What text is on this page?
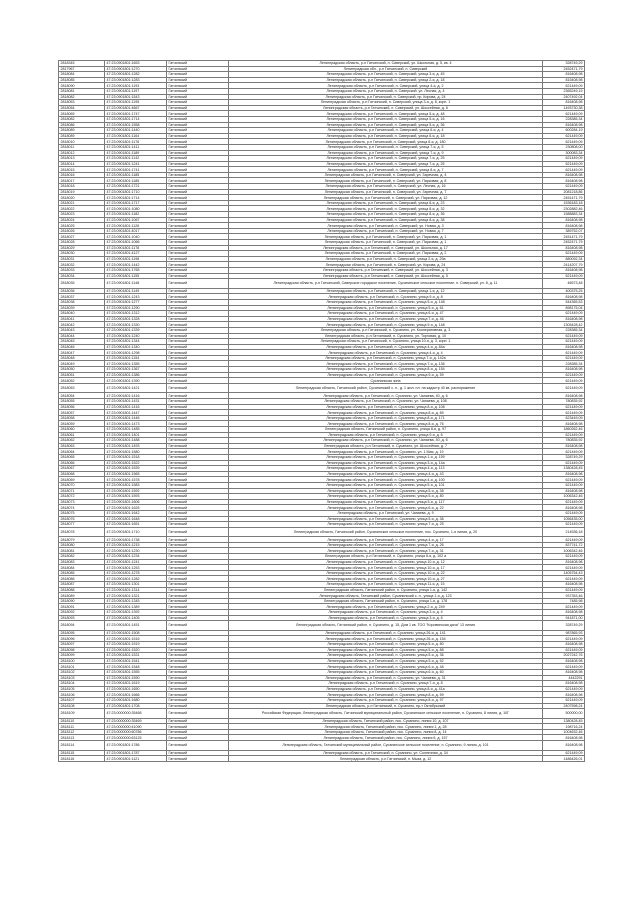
2818345	47:23:0901801:1653	Гатчинский	Ленинградская область, р-н Гатчинский, п. Сиверский, ул. Школьная, д. 5, кв. 4	328749,29
2817967	47:23:0901801:1270	Гатчинский	Ленинградская обл., р-н Гатчинский, п. Сиверский	2452471,79
2818084	47:23:0901801:1282	Гатчинский	Ленинградская область, р-н Гатчинский, п. Сиверский, улица 3-я, д. 45	816408,98
2818085	47:23:0901801:1283	Гатчинский	Ленинградская область, р-н Гатчинский, п. Сиверский, улица 2-я, д. 18	815408,98
2818090	47:23:0901801:1193	Гатчинский	Ленинградская область, р-н Гатчинский, п. Сиверский, улица 4-я, д. 2	621449,09
2818081	47:23:0901801:1197	Гатчинский	Ленинградская область, р-н Гатчинский, п. Сиверский, ул. Лесная, д. 4	2365249,19
2818082	47:23:0901801:1543	Гатчинский	Ленинградская область, р-н Гатчинский, п. Сиверский, пр. Кирова, д. 24	2407492,04
2818053	47:23:0901801:1195	Гатчинский	Ленинградская область, р-н Гатчинский, п. Сиверский, улица 3-я, д. 8, корп. 1	816408,98
2818054	47:23:0901801:4667	Гатчинский	Ленинградская область, р-н Гатчинский, п. Сиверский, ул. Шоссейная, д. 6	1493730,38
2818065	47:23:0901801:1747	Гатчинский	Ленинградская область, р-н Гатчинский, п. Сиверский, улица 5-я, д. 48	621449,09
2818082	47:23:0901801:1714	Гатчинский	Ленинградская область, р-н Гатчинский, п. Сиверский, улица 5-я, д. 16	228385,34
2818086	47:23:0901801:1558	Гатчинский	Ленинградская область, р-н Гатчинский, п. Сиверский, улица 5-я, д. 36	816408,98
2818089	47:23:0901801:1440	Гатчинский	Ленинградская область, р-н Гатчинский, п. Сиверский, улица 6-я, д. 4	600284,19
2818089	47:23:0901801:1164	Гатчинский	Ленинградская область, р-н Гатчинский, п. Сиверский, улица 6-я, д. 18	621449,09
2818010	47:23:0901801:1176	Гатчинский	Ленинградская область, р-н Гатчинский, п. Сиверский, улица 6-я, д. 180	621449,09
2818011	47:23:0901801:1411	Гатчинский	Ленинградская область, р-н Гатчинский, п. Сиверский, улица 7-я, д. 5	230808,00
2818012	47:23:0901801:1189	Гатчинский	Ленинградская область, р-н Гатчинский, п. Сиверский, улица 7-я, д. 9	300083,34
2818013	47:23:0901801:1142	Гатчинский	Ленинградская область, р-н Гатчинский, п. Сиверский, улица 7-я, д. 25	621449,09
2818014	47:23:0901801:1241	Гатчинский	Ленинградская область, р-н Гатчинский, п. Сиверский, улица 7-я, д. 25	621449,09
2818015	47:23:0901801:1741	Гатчинский	Ленинградская область, р-н Гатчинский, п. Сиверский, улица 8-я, д. 7	621449,09
2818016	47:23:0901801:1185	Гатчинский	Ленинградская область, р-н Гатчинский, п. Сиверский, ул. Заречная, д. 4	816408,98
2818017	47:23:0901801:1185	Гатчинский	Ленинградская область, р-н Гатчинский, п. Сиверский, ул. Парковая, д. 8	816408,98
2818018	47:23:0901801:1721	Гатчинский	Ленинградская область, р-н Гатчинский, п. Сиверский, ул. Лесная, д. 16	621449,09
2818019	47:23:0901801:1710	Гатчинский	Ленинградская область, р-н Гатчинский, п. Сиверский, ул. Заречная, д. 7	2081218,86
2818020	47:23:0901801:1714	Гатчинский	Ленинградская область, р-н Гатчинский, п. Сиверский, ул. Парковая, д. 12	2451471,79
2818021	47:23:0901801:1717	Гатчинский	Ленинградская область, р-н Гатчинский, п. Сиверский, улица 8-я, д. 23	1536183,18
2818022	47:23:0901801:1080	Гатчинский	Ленинградская область, р-н Гатчинский, п. Сиверский, улица 8-я, д. 32	2302882,46
2818023	47:23:0901801:1182	Гатчинский	Ленинградская область, р-н Гатчинский, п. Сиверский, улица 8-я, д. 36	1588883,34
2818024	47:23:0901801:1067	Гатчинский	Ленинградская область, р-н Гатчинский, п. Сиверский, улица 8-я, д. 38	816408,98
2818025	47:23:0901801:1126	Гатчинский	Ленинградская область, р-н Гатчинский, п. Сиверский, ул. Новая, д. 3	816408,98
2818026	47:23:0901801:4017	Гатчинский	Ленинградская область, р-н Гатчинский, п. Сиверский, ул. Новая, д. 7	389752,07
2818027	47:23:0901801:1040	Гатчинский	Ленинградская область, р-н Гатчинский, п. Сиверский, ул. Парковая, д. 1	2451471,79
2818028	47:23:0901801:1066	Гатчинский	Ленинградская область, р-н Гатчинский, п. Сиверский, ул. Парковая, д. 1	2452471,79
2818029	47:23:0901801:1178	Гатчинский	Ленинградская область, р-н Гатчинский, п. Сиверский, ул. Школьная, д. 17	816408,98
2818030	47:23:0901801:4127	Гатчинский	Ленинградская область, р-н Гатчинский, п. Сиверский, ул. Парковая, д. 2	621449,09
2818031	47:23:0901801:1198	Гатчинский	Ленинградская область, р-н Гатчинский, п. Сиверский, улица 2-я, д. 29а	880092,34
2818032	47:23:0901801:1442	Гатчинский	Ленинградская область, р-н Гатчинский, п. Сиверский, ул. Кирова, д. 24	2414207,79
2818033	47:23:0901801:1765	Гатчинский	Ленинградская область, р-н Гатчинский, п. Сиверский, ул. Шоссейная, д. 3	816408,98
2818034	47:23:0901801:1155	Гатчинский	Ленинградская область, р-н Гатчинский, п. Сиверский, ул. Шоссейная, д. 5	621449,09
2818035	47:23:0901801:1148	Гатчинский	Ленинградская область, р-н Гатчинский, Сиверское городское поселение, Сусанинское сельское поселение, п. Сиверский, ул. 8, д. 11	46573,48
2818036	47:23:0901801:1149	Гатчинский	Ленинградская область, р-н Гатчинский, п. Сиверский, улица 1-я, д. 12	400375,25
2818037	47:23:0901801:1243	Гатчинский	Ленинградская область, р-н Гатчинский, п. Сусанино, улица 9-я, д. 8	816408,98
2818038	47:23:0901801:1277	Гатчинский	Ленинградская область, р-н Гатчинский, п. Сусанино, улица 5-я, д. 148	544365,53
2818039	47:23:0901801:1290	Гатчинский	Ленинградская область, р-н Гатчинский, п. Сусанино, улица 5-я, д. 61	898175,04
2818040	47:23:0901801:1312	Гатчинский	Ленинградская область, р-н Гатчинский, п. Сусанино, улица 6-я, д. 47	621449,09
2818041	47:23:0901801:1328	Гатчинский	Ленинградская область, р-н Гатчинский, п. Сусанино, улица 7-я, д. 46	816408,98
2818042	47:23:0901801:1330	Гатчинский	Ленинградская область, р-н Гатчинский, п. Сусанино, улица 9-я, д. 148	1305428,42
2818043	47:23:0901801:1339	Гатчинский	Ленинградская область, р-н Гатчинский, п. Сусанино, ул. Кооперативная, д. 3	228385,34
2818044	47:23:0901801:1240	Гатчинский	Ленинградская область, р-н Гатчинский, п. Сусанино, ул. Торговая, д. 10	621449,09
2818045	47:23:0901801:1344	Гатчинский	Ленинградская область, р-н Гатчинский, п. Сусанино, улица 10-я, д. 3, корп. 1	621449,09
2818046	47:23:0901801:1340	Гатчинский	Ленинградская область, р-н Гатчинский, п. Сусанино, улица 4-я, д. 84а	816408,98
2818047	47:23:0901801:1298	Гатчинский	Ленинградская область, р-н Гатчинский, п. Сусанино, улица 4-я, д. 4	621449,09
2818048	47:23:0901801:1154	Гатчинский	Ленинградская область, р-н Гатчинский, п. Сусанино, улица 7-я, д. 142а	621449,09
2818049	47:23:0901801:1355	Гатчинский	Ленинградская область, р-н Гатчинский, п. Сусанино, улица 7-я, д. 136	228385,34
2818050	47:23:0901801:1367	Гатчинский	Ленинградская область, р-н Гатчинский, п. Сусанино, улица 8-я, д. 154	816408,98
2818051	47:23:0901801:1386	Гатчинский	Ленинградская область, р-н Гатчинский, п. Сусанино, улица 9-я, д. 59	621449,09
2818052	47:23:0901801:1390	Гатчинский	Сусанинская зона	621449,09
2818053	47:23:0901801:1421	Гатчинский	Ленинградская область, Гатчинский район, Сусанинский с. п., д. 1 жил. пл. на кадастр 40 кв. распоряжение	621449,09
2818054	47:23:0901801:1416	Гатчинский	Ленинградская область, р-н Гатчинский, п. Сусанино, ул. Чапаева, 40, д. 6	816408,98
2818055	47:23:0901801:1431	Гатчинский	Ленинградская область, р-н Гатчинский, п. Сусанино, ул. Чапаева, д. 108	780835,92
2818056	47:23:0901801:1416	Гатчинский	Ленинградская область, р-н Гатчинский, п. Сусанино, улица 8-я, д. 108	621449,09
2818057	47:23:0901801:1447	Гатчинский	Ленинградская область, р-н Гатчинский, п. Сусанино, улица 8-я, д. 89	621449,09
2818058	47:23:0901801:1446	Гатчинский	Ленинградская область, р-н Гатчинский, п. Сусанино, улица 8-я, д. 171	623449,09
2818059	47:23:0901801:1473	Гатчинский	Ленинградская область, р-н Гатчинский, п. Сусанино, улица 8-я, д. 76	816408,98
2818060	47:23:0901801:1485	Гатчинский	Ленинградская область, Гатчинский район, п. Сусанино, улица 8-я, д. 97	1860262,46
2818061	47:23:0901801:1401	Гатчинский	Ленинградская область, р-н Гатчинский, п. Сусанино, улица 9-я, д. 6	621449,09
2818062	47:23:0901801:1488	Гатчинский	Ленинградская область, р-н Гатчинский, п. Сусанино, ул. Чапаева, 40, д. 6	780835,92
2818063	47:23:0901801:1493	Гатчинский	Ленинградская область, р-н Гатчинский, п. Сусанино, ул. Шоссейная, д. 7	816408,98
2818064	47:23:0901801:1580	Гатчинский	Ленинградская область, р-н Гатчинский, п. Сусанино, ул. 1 Мая, д. 19	621449,09
2818065	47:23:0901801:1518	Гатчинский	Ленинградская область, р-н Гатчинский, п. Сусанино, улица 1-я, д. 159	328749,29
2818066	47:23:0901801:1522	Гатчинский	Ленинградская область, р-н Гатчинский, п. Сусанино, улица 3-я, д. 14а	621449,09
2818067	47:23:0901801:1539	Гатчинский	Ленинградская область, р-н Гатчинский, п. Сусанино, улица 4-я, д. 113	1380428,45
2818068	47:23:0901801:1565	Гатчинский	Ленинградская область, р-н Гатчинский, п. Сусанино, улица 4-я, д. 43	816408,98
2818069	47:23:0901801:1578	Гатчинский	Ленинградская область, р-н Гатчинский, п. Сусанино, улица 4-я, д. 100	621449,09
2818070	47:23:0901801:1583	Гатчинский	Ленинградская область, р-н Гатчинский, п. Сусанино, улица 5-я, д. 101	621449,09
2818071	47:23:0901801:1592	Гатчинский	Ленинградская область, р-н Гатчинский, п. Сусанино, улица 5-я, д. 38	816408,98
2818072	47:23:0901801:1593	Гатчинский	Ленинградская область, р-н Гатчинский, п. Сусанино, улица 5-я, д. 80	1006342,46
2818073	47:23:0901801:1606	Гатчинский	Ленинградская область, р-н Гатчинский, п. Сусанино, улица 5-я, д. 117	621449,09
2818074	47:23:0901801:1625	Гатчинский	Ленинградская область, р-н Гатчинский, п. Сусанино, улица 6-я, д. 22	816408,98
2818075	47:23:0901801:1642	Гатчинский	Ленинградская область, р-н Гатчинский, ул. Чапаева, д. 9	621449,09
2818076	47:23:0901801:1648	Гатчинский	Ленинградская область, р-н Гатчинский, п. Сусанино, улица 5-я, д. 38	1056435,00
2818077	47:23:0901801:1651	Гатчинский	Ленинградская область, р-н Гатчинский, п. Сусанино, улица 7-я, д. 25	621449,09
2818078	47:23:0901801:1710	Гатчинский	Ленинградская область, Гатчинский район, Сусанинское сельское поселение, пос. Сусанино, 1-я линия, д. 20	214536,18
2818079	47:23:0901801:1738	Гатчинский	Ленинградская область, р-н Гатчинский, п. Сусанино, улица 4-я, д. 17	621449,09
2818080	47:23:0901801:1215	Гатчинский	Ленинградская область, р-н Гатчинский, п. Сусанино, улица 7-я, д. 26	837741,72
2818081	47:23:0901801:1230	Гатчинский	Ленинградская область, р-н Гатчинский, п. Сусанино, улица 7-я, д. 31	1006342,46
2818082	47:23:0901801:1234	Гатчинский	Ленинградская область, р-н Гатчинский, п. Сусанино, улица 8-я, д. 102 а	621449,09
2818083	47:23:0901801:1241	Гатчинский	Ленинградская область, р-н Гатчинский, п. Сусанино, улица 10-я, д. 12	816408,98
2818084	47:23:0901801:1253	Гатчинский	Ленинградская область, р-н Гатчинский, п. Сусанино, улица 10-я, д. 17	621449,09
2818085	47:23:0901801:1278	Гатчинский	Ленинградская область, р-н Гатчинский, п. Сусанино, улица 10-я, д. 22	1405754,43
2818086	47:23:0901801:1282	Гатчинский	Ленинградская область, р-н Гатчинский, п. Сусанино, улица 10-я, д. 27	621449,09
2818087	47:23:0901801:1301	Гатчинский	Ленинградская область, р-н Гатчинский, п. Сусанино, улица 11-я, д. 15	816408,98
2818088	47:23:0901801:1314	Гатчинский	Ленинградская область, Гатчинский район, п. Сусанино, улица 1-я, д. 142	621449,09
2818089	47:23:0901801:1321	Гатчинский	Ленинградская область, Гатчинский район, Сусанинский с. п., улица 1-я, д. 123	937353,46
2818090	47:23:0901801:1345	Гатчинский	Ленинградская область, Гатчинский район, п. Сусанино, улица 1-я, д. 178	7485,98
2818091	47:23:0901801:1389	Гатчинский	Ленинградская область, р-н Гатчинский, п. Сусанино, улица 2-я, д. 249	621449,09
2818092	47:23:0901801:1392	Гатчинский	Ленинградская область, р-н Гатчинский, п. Сусанино, улица 3-я, д. 4	816408,98
2818093	47:23:0901801:1405	Гатчинский	Ленинградская область, р-н Гатчинский, п. Сусанино, улица 3-я, д. 6	941871,00
2818094	47:23:0901801:1451	Гатчинский	Ленинградская область, Гатчинский район, п. Сусанино, д. 15, Дом 1 кв. ТОО "Коровинская дача" 13 линия	328749,29
2818095	47:23:0901801:1508	Гатчинский	Ленинградская область, р-н Гатчинский, п. Сусанино, улица 26-я, д. 141	987865,93
2818096	47:23:0901801:1516	Гатчинский	Ленинградская область, р-н Гатчинский, п. Сусанино, улица 26-я, д. 154	621449,09
2818097	47:23:0901801:1519	Гатчинский	Ленинградская область, р-н Гатчинский, п. Сусанино, улица 5-я, д. 80	816408,98
2818098	47:23:0901801:1520	Гатчинский	Ленинградская область, р-н Гатчинский, п. Сусанино, улица 5-я, д. 88	621449,09
2818099	47:23:0901801:1531	Гатчинский	Ленинградская область, р-н Гатчинский, п. Сусанино, улица 5-я, д. 36	2027242,76
2818100	47:23:0901801:1541	Гатчинский	Ленинградская область, р-н Гатчинский, п. Сусанино, улица 5-я, д. 52	816408,98
2818101	47:23:0901801:1548	Гатчинский	Ленинградская область, р-н Гатчинский, п. Сусанино, улица 6-я, д. 48	621449,09
2818102	47:23:0901801:1555	Гатчинский	Ленинградская область, р-н Гатчинский, п. Сусанино, улица 6-я, д. 60	816408,98
2818103	47:23:0901801:1590	Гатчинский	Ленинградская область, р-н Гатчинский, п. Сусанино, ул. Чапаева, д. 31	4442291
2818104	47:23:0901801:1619	Гатчинский	Ленинградская область, р-н Гатчинский, п. Сусанино, улица 7-я, д. 8	816408,98
2818105	47:23:0901801:1650	Гатчинский	Ленинградская область, р-н Гатчинский, п. Сусанино, улица 8-я, д. 41а	621449,09
2818106	47:23:0901801:1666	Гатчинский	Ленинградская область, р-н Гатчинский, п. Сусанино, улица 8-я, д. 59	816408,98
2818107	47:23:0901801:1680	Гатчинский	Ленинградская область, р-н Гатчинский, п. Сусанино, улица 8-я, д. 97	621449,09
2818108	47:23:0901801:1708	Гатчинский	Ленинградская область, р-н Гатчинский, п. Сусанино, пр-т Октябрьский	2407598,24
2818109	47:23:0000000:35468	Гатчинский	Российская Федерация, Ленинградская область, Гатчинский муниципальный район, Сусанинское сельское поселение, п. Сусанино, 8 линия, д. 10Г	500000,00
2818110	47:23:0000000:35469	Гатчинский	Ленинградская область, Гатчинский район, пос. Сусанино, линия 10, д. 107	1380428,45
2818111	47:23:0000000:41090	Гатчинский	Ленинградская область, Гатчинский район, пос. Сусанино, линия 1, д. 28	198716,24
2818112	47:23:0000000:60786	Гатчинский	Ленинградская область, Гатчинский район, пос. Сусанино, линия 8, д. 14	1004632,46
2818113	47:23:0000000:63125	Гатчинский	Ленинградская область, Гатчинский район, пос. Сусанино, линия 6, д. 157	816408,98
2818114	47:23:0901801:1786	Гатчинский	Ленинградская область, Гатчинский муниципальный район, Сусанинское сельское поселение, п. Сусанино, 9 линия, д. 101	816408,98
2818115	47:23:0901801:1787	Гатчинский	Ленинградская область, р-н Гатчинский, п. Сусанино, ул. Солнечная, д. 34	621449,09
2818116	47:23:0901801:1121	Гатчинский	Ленинградская область, р-н Гатчинский, п. Мыза, д. 12	1486426,01
